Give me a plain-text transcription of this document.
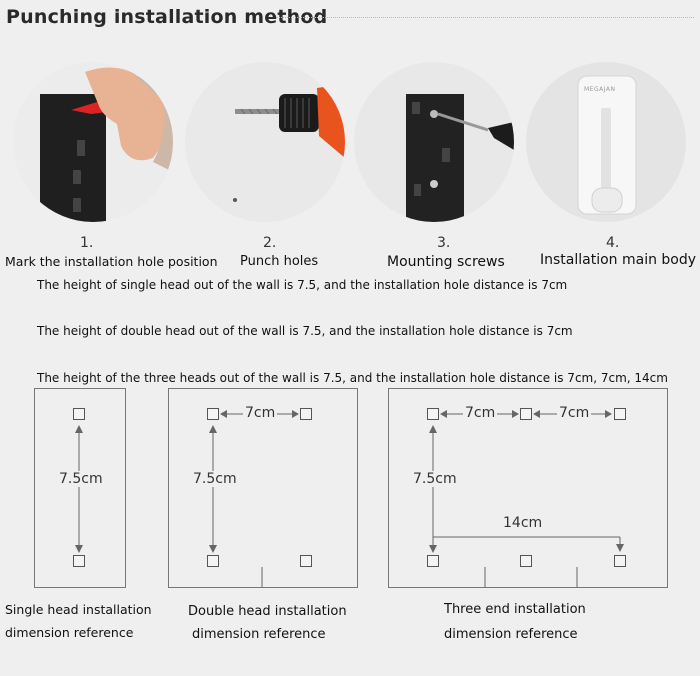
Punching installation method
MEGAJAN
1.	2.	3.	4.
Mark the installation hole position Punch holes	Mounting screws	Installation main body
The height of single head out of the wall is 7.5, and the installation hole distance is 7cm
The height of double head out of the wall is 7.5, and the installation hole distance is 7cm
The height of the three heads out of the wall is 7.5, and the installation hole distance is 7cm, 7cm, 14cm
7.5cm
7cm
7.5cm
7cm	7cm
7.5cm
14cm
Single head installation
dimension reference
Double head installation
dimension reference
Three end installation
dimension reference
